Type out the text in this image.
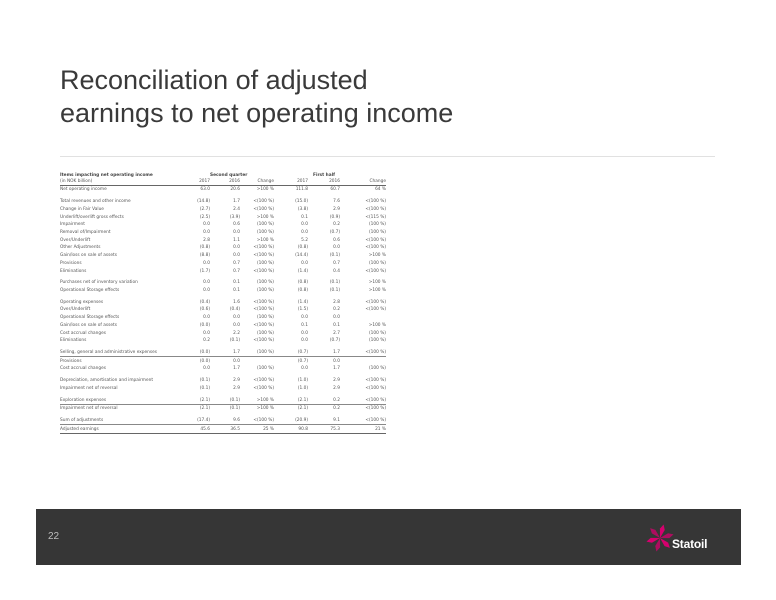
Reconciliation of adjusted
earnings to net operating income
Items impacting net operating income		Second quarter			First half	
(in NOK billion)	2017	2016	Change	2017	2016	Change
Net operating income	63.0	20.6	>100 %	111.8	60.7	64 %

Total revenues and other income	(14.8)	1.7	<(100 %)	(15.0)	7.6	<(100 %)
Change in Fair Value	(2.7)	2.4	<(100 %)	(3.8)	2.9	<(100 %)
Underlift/overlift gross effects	(2.5)	(3.9)	>100 %	0.1	(0.9)	<(115 %)
Impairment	0.0	0.6	(100 %)	0.0	0.2	(100 %)
Removal of/Impairment	0.0	0.0	(100 %)	0.0	(0.7)	(100 %)
Over/Underlift	2.8	1.1	>100 %	5.2	0.6	<(100 %)
Other Adjustments	(0.8)	0.0	<(100 %)	(0.8)	0.0	<(100 %)
Gain/loss on sale of assets	(8.8)	0.0	<(100 %)	(14.4)	(0.1)	>100 %
Provisions	0.0	0.7	(100 %)	0.0	0.7	(100 %)
Eliminations	(1.7)	0.7	<(100 %)	(1.4)	0.4	<(100 %)

Purchases net of inventory variation	0.0	0.1	(100 %)	(0.8)	(0.1)	>100 %
Operational Storage effects	0.0	0.1	(100 %)	(0.8)	(0.1)	>100 %

Operating expenses	(0.4)	1.6	<(100 %)	(1.4)	2.8	<(100 %)
Over/Underlift	(0.6)	(0.4)	<(100 %)	(1.5)	0.2	<(100 %)
Operational Storage effects	0.0	0.0	(100 %)	0.0	0.0	
Gain/loss on sale of assets	(0.0)	0.0	<(100 %)	0.1	0.1	>100 %
Cost accrual changes	0.0	2.2	(100 %)	0.0	2.7	(100 %)
Eliminations	0.2	(0.1)	<(100 %)	0.0	(0.7)	(100 %)

Selling, general and administrative expenses	(0.0)	1.7	(100 %)	(0.7)	1.7	<(100 %)
Provisions	(0.0)	0.0		(0.7)	0.0	
Cost accrual changes	0.0	1.7	(100 %)	0.0	1.7	(100 %)

Depreciation, amortisation and impairment	(0.1)	2.9	<(100 %)	(1.0)	2.9	<(100 %)
Impairment net of reversal	(0.1)	2.9	<(100 %)	(1.0)	2.9	<(100 %)

Exploration expenses	(2.1)	(0.1)	>100 %	(2.1)	0.2	<(100 %)
Impairment net of reversal	(2.1)	(0.1)	>100 %	(2.1)	0.2	<(100 %)

Sum of adjustments	(17.4)	9.6	<(100 %)	(20.9)	9.1	<(100 %)
Adjusted earnings	45.6	36.5	25 %	90.8	75.3	21 %
22
Statoil
